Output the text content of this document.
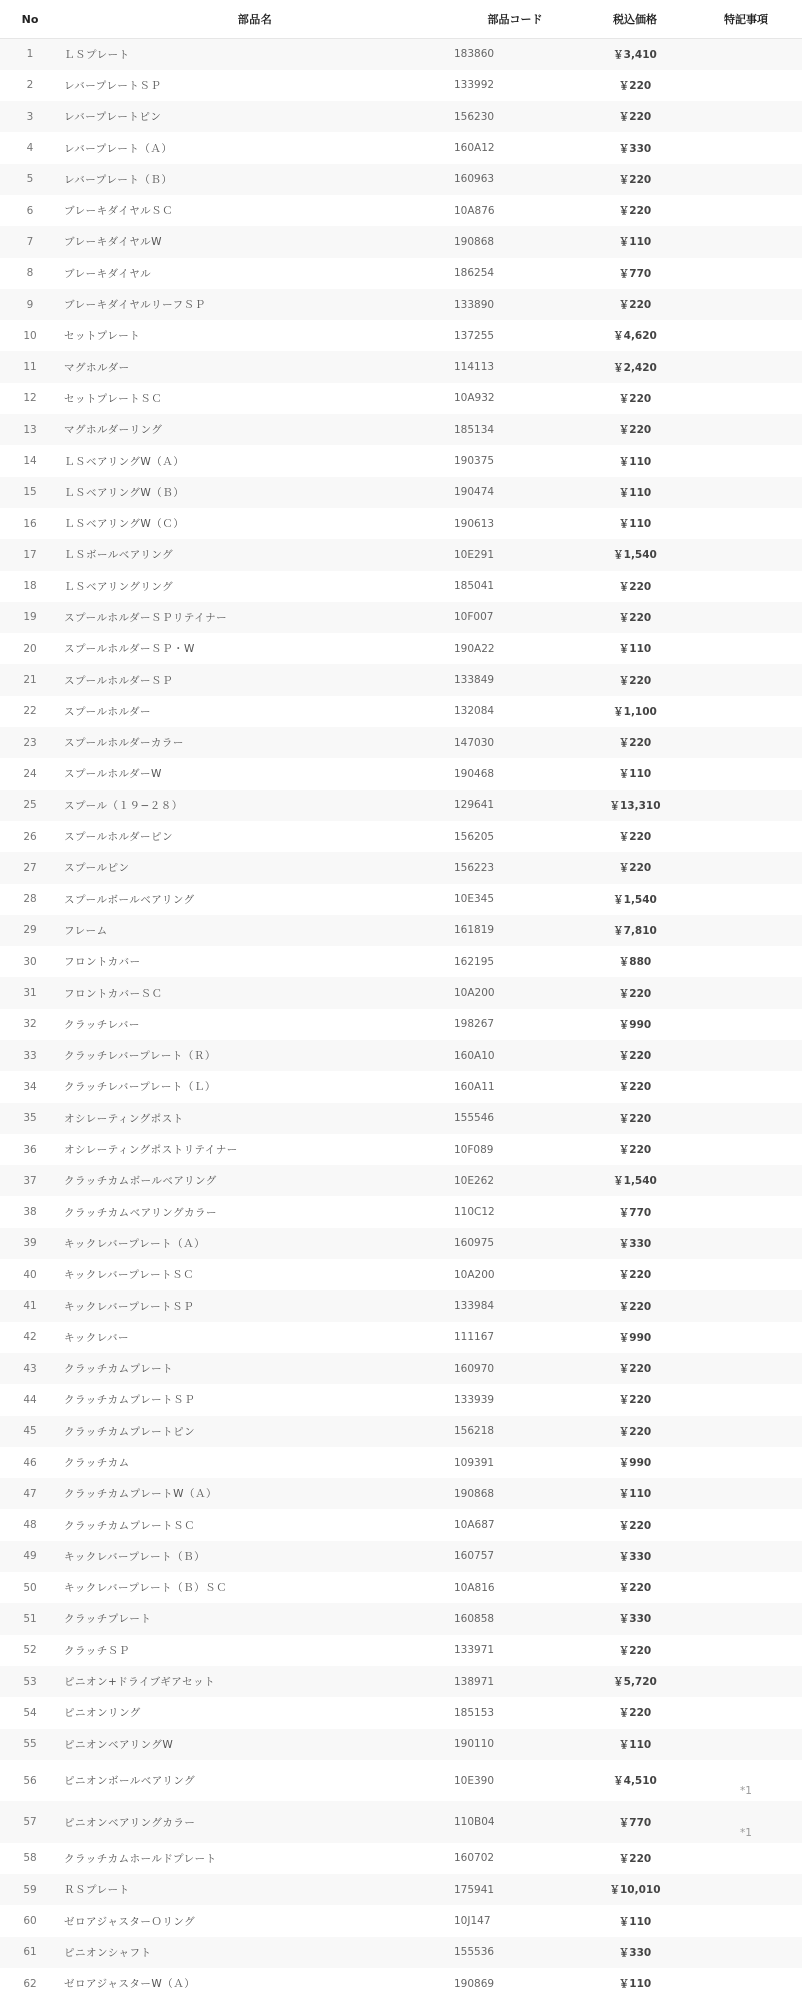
No	部品名	部品コード	税込価格	特記事項
1	ＬＳプレート	183860	￥3,410	
2	レバープレートＳＰ	133992	￥220	
3	レバープレートピン	156230	￥220	
4	レバープレート（Ａ）	160A12	￥330	
5	レバープレート（Ｂ）	160963	￥220	
6	ブレーキダイヤルＳＣ	10A876	￥220	
7	ブレーキダイヤルW	190868	￥110	
8	ブレーキダイヤル	186254	￥770	
9	ブレーキダイヤルリーフＳＰ	133890	￥220	
10	セットプレート	137255	￥4,620	
11	マグホルダー	114113	￥2,420	
12	セットプレートＳＣ	10A932	￥220	
13	マグホルダーリング	185134	￥220	
14	ＬＳベアリングW（Ａ）	190375	￥110	
15	ＬＳベアリングW（Ｂ）	190474	￥110	
16	ＬＳベアリングW（Ｃ）	190613	￥110	
17	ＬＳボールベアリング	10E291	￥1,540	
18	ＬＳベアリングリング	185041	￥220	
19	スプールホルダーＳＰリテイナー	10F007	￥220	
20	スプールホルダーＳＰ・W	190A22	￥110	
21	スプールホルダーＳＰ	133849	￥220	
22	スプールホルダー	132084	￥1,100	
23	スプールホルダーカラー	147030	￥220	
24	スプールホルダーW	190468	￥110	
25	スプール（１９−２８）	129641	￥13,310	
26	スプールホルダーピン	156205	￥220	
27	スプールピン	156223	￥220	
28	スプールボールベアリング	10E345	￥1,540	
29	フレーム	161819	￥7,810	
30	フロントカバー	162195	￥880	
31	フロントカバーＳＣ	10A200	￥220	
32	クラッチレバー	198267	￥990	
33	クラッチレバープレート（Ｒ）	160A10	￥220	
34	クラッチレバープレート（Ｌ）	160A11	￥220	
35	オシレーティングポスト	155546	￥220	
36	オシレーティングポストリテイナー	10F089	￥220	
37	クラッチカムボールベアリング	10E262	￥1,540	
38	クラッチカムベアリングカラー	110C12	￥770	
39	キックレバープレート（Ａ）	160975	￥330	
40	キックレバープレートＳＣ	10A200	￥220	
41	キックレバープレートＳＰ	133984	￥220	
42	キックレバー	111167	￥990	
43	クラッチカムプレート	160970	￥220	
44	クラッチカムプレートＳＰ	133939	￥220	
45	クラッチカムプレートピン	156218	￥220	
46	クラッチカム	109391	￥990	
47	クラッチカムプレートW（Ａ）	190868	￥110	
48	クラッチカムプレートＳＣ	10A687	￥220	
49	キックレバープレート（Ｂ）	160757	￥330	
50	キックレバープレート（Ｂ）ＳＣ	10A816	￥220	
51	クラッチプレート	160858	￥330	
52	クラッチＳＰ	133971	￥220	
53	ピニオン+ドライブギアセット	138971	￥5,720	
54	ピニオンリング	185153	￥220	
55	ピニオンベアリングW	190110	￥110	
56	ピニオンボールベアリング	10E390	￥4,510	*1
57	ピニオンベアリングカラー	110B04	￥770	*1
58	クラッチカムホールドプレート	160702	￥220	
59	ＲＳプレート	175941	￥10,010	
60	ゼロアジャスターＯリング	10J147	￥110	
61	ピニオンシャフト	155536	￥330	
62	ゼロアジャスターW（Ａ）	190869	￥110	
